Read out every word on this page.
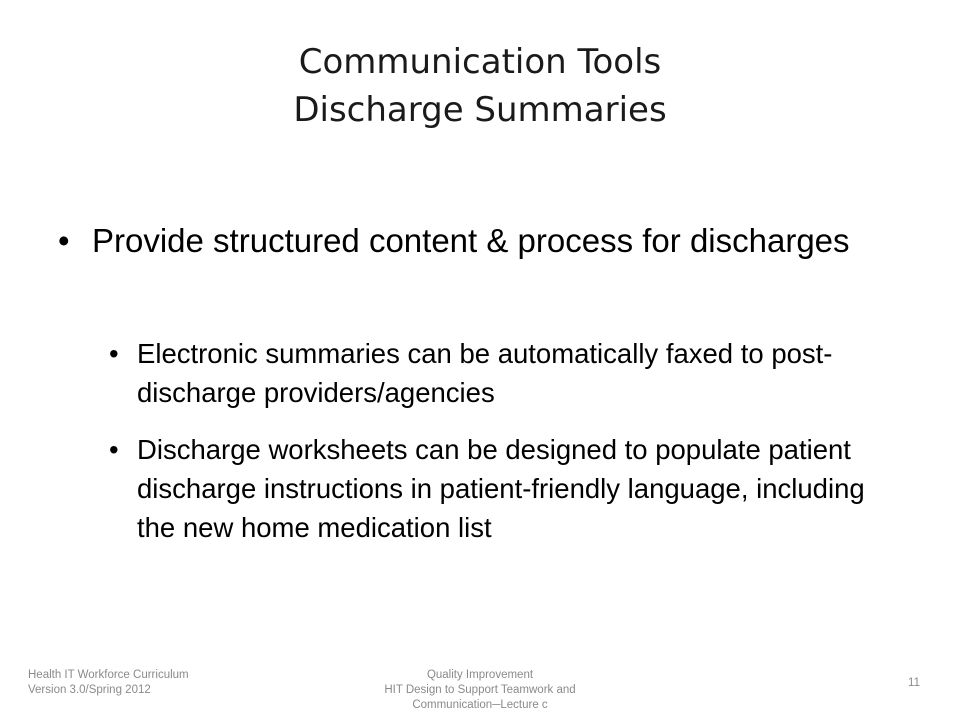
Communication Tools
Discharge Summaries
• Provide structured content & process for discharges
• Electronic summaries can be automatically faxed to post-discharge providers/agencies
• Discharge worksheets can be designed to populate patient discharge instructions in patient-friendly language, including the new home medication list
Health IT Workforce Curriculum
Version 3.0/Spring 2012
Quality Improvement
HIT Design to Support Teamwork and
Communication─Lecture c
11
